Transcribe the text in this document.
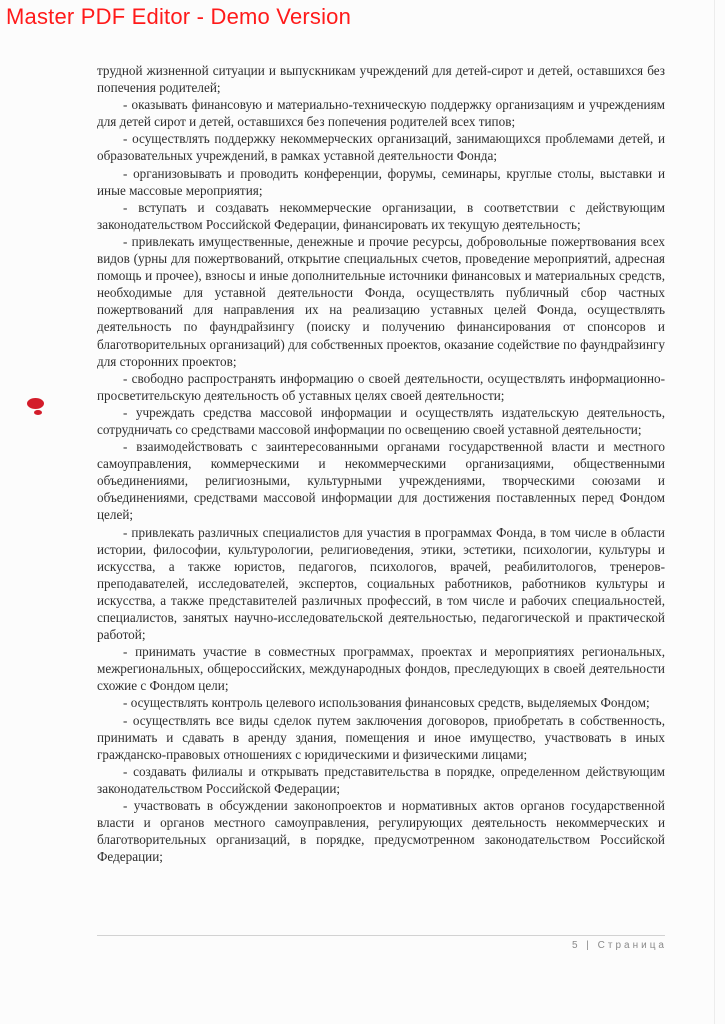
Master PDF Editor - Demo Version

трудной жизненной ситуации и выпускникам учреждений для детей-сирот и детей, оставшихся без попечения родителей;

- оказывать финансовую и материально-техническую поддержку организациям и учреждениям для детей сирот и детей, оставшихся без попечения родителей всех типов;

- осуществлять поддержку некоммерческих организаций, занимающихся проблемами детей, и образовательных учреждений, в рамках уставной деятельности Фонда;

- организовывать и проводить конференции, форумы, семинары, круглые столы, выставки и иные массовые мероприятия;

- вступать и создавать некоммерческие организации, в соответствии с действующим законодательством Российской Федерации, финансировать их текущую деятельность;

- привлекать имущественные, денежные и прочие ресурсы, добровольные пожертвования всех видов (урны для пожертвований, открытие специальных счетов, проведение мероприятий, адресная помощь и прочее), взносы и иные дополнительные источники финансовых и материальных средств, необходимые для уставной деятельности Фонда, осуществлять публичный сбор частных пожертвований для направления их на реализацию уставных целей Фонда, осуществлять деятельность по фаундрайзингу (поиску и получению финансирования от спонсоров и благотворительных организаций) для собственных проектов, оказание содействие по фаундрайзингу для сторонних проектов;

- свободно распространять информацию о своей деятельности, осуществлять информационно-просветительскую деятельность об уставных целях своей деятельности;

- учреждать средства массовой информации и осуществлять издательскую деятельность, сотрудничать со средствами массовой информации по освещению своей уставной деятельности;

- взаимодействовать с заинтересованными органами государственной власти и местного самоуправления, коммерческими и некоммерческими организациями, общественными объединениями, религиозными, культурными учреждениями, творческими союзами и объединениями, средствами массовой информации для достижения поставленных перед Фондом целей;

- привлекать различных специалистов для участия в программах Фонда, в том числе в области истории, философии, культурологии, религиоведения, этики, эстетики, психологии, культуры и искусства, а также юристов, педагогов, психологов, врачей, реабилитологов, тренеров-преподавателей, исследователей, экспертов, социальных работников, работников культуры и искусства, а также представителей различных профессий, в том числе и рабочих специальностей, специалистов, занятых научно-исследовательской деятельностью, педагогической и практической работой;

- принимать участие в совместных программах, проектах и мероприятиях региональных, межрегиональных, общероссийских, международных фондов, преследующих в своей деятельности схожие с Фондом цели;

- осуществлять контроль целевого использования финансовых средств, выделяемых Фондом;

- осуществлять все виды сделок путем заключения договоров, приобретать в собственность, принимать и сдавать в аренду здания, помещения и иное имущество, участвовать в иных гражданско-правовых отношениях с юридическими и физическими лицами;

- создавать филиалы и открывать представительства в порядке, определенном действующим законодательством Российской Федерации;

- участвовать в обсуждении законопроектов и нормативных актов органов государственной власти и органов местного самоуправления, регулирующих деятельность некоммерческих и благотворительных организаций, в порядке, предусмотренном законодательством Российской Федерации;

5 | Страница
